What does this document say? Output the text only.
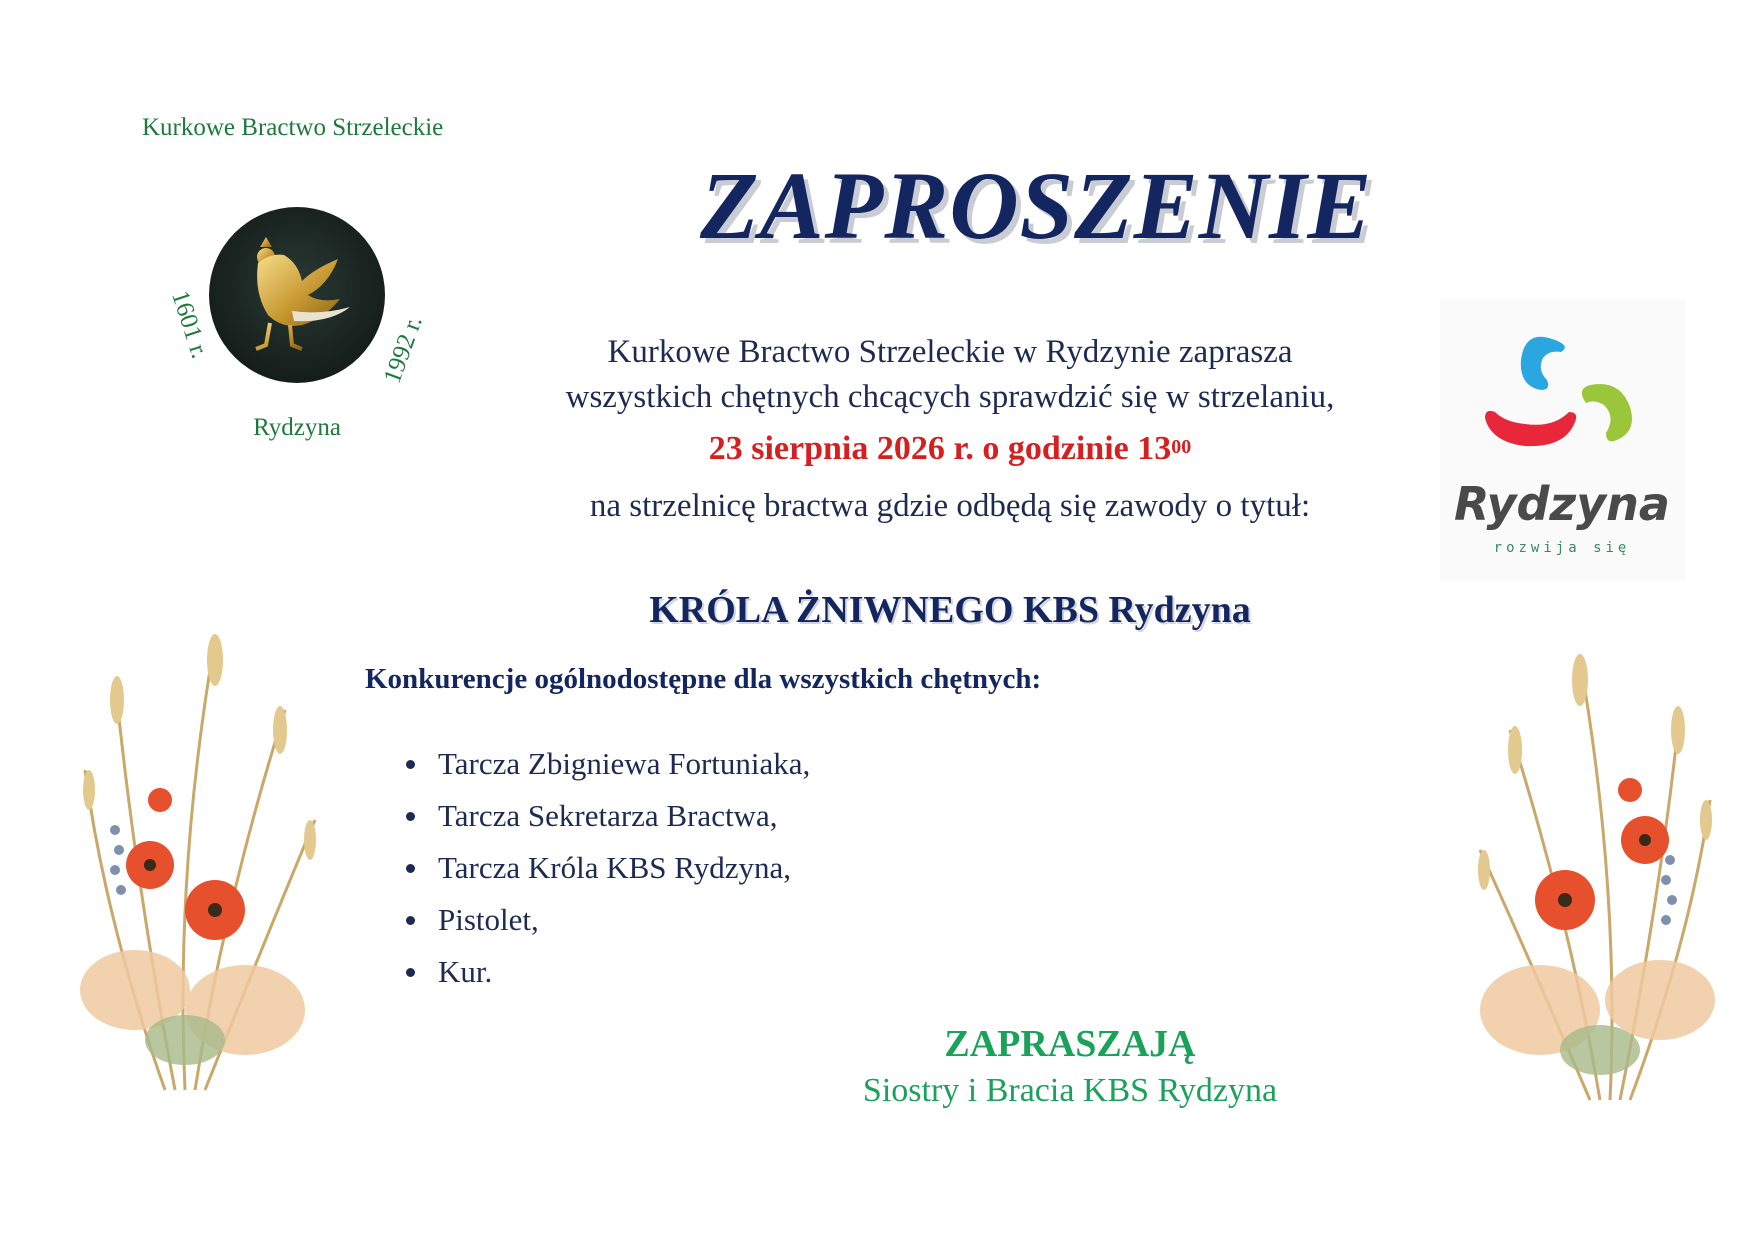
Kurkowe Bractwo Strzeleckie
1601 r.	1992 r.
Rydzyna
ZAPROSZENIE
Rydzyna
rozwija się
Kurkowe Bractwo Strzeleckie w Rydzynie zaprasza
wszystkich chętnych chcących sprawdzić się w strzelaniu,
23 sierpnia 2026 r. o godzinie $13^{00}$
na strzelnicę bractwa gdzie odbędą się zawody o tytuł:
KRÓLA ŻNIWNEGO KBS Rydzyna
Konkurencje ogólnodostępne dla wszystkich chętnych:
Tarcza Zbigniewa Fortuniaka,
Tarcza Sekretarza Bractwa,
Tarcza Króla KBS Rydzyna,
Pistolet,
Kur.
ZAPRASZAJĄ
Siostry i Bracia KBS Rydzyna
